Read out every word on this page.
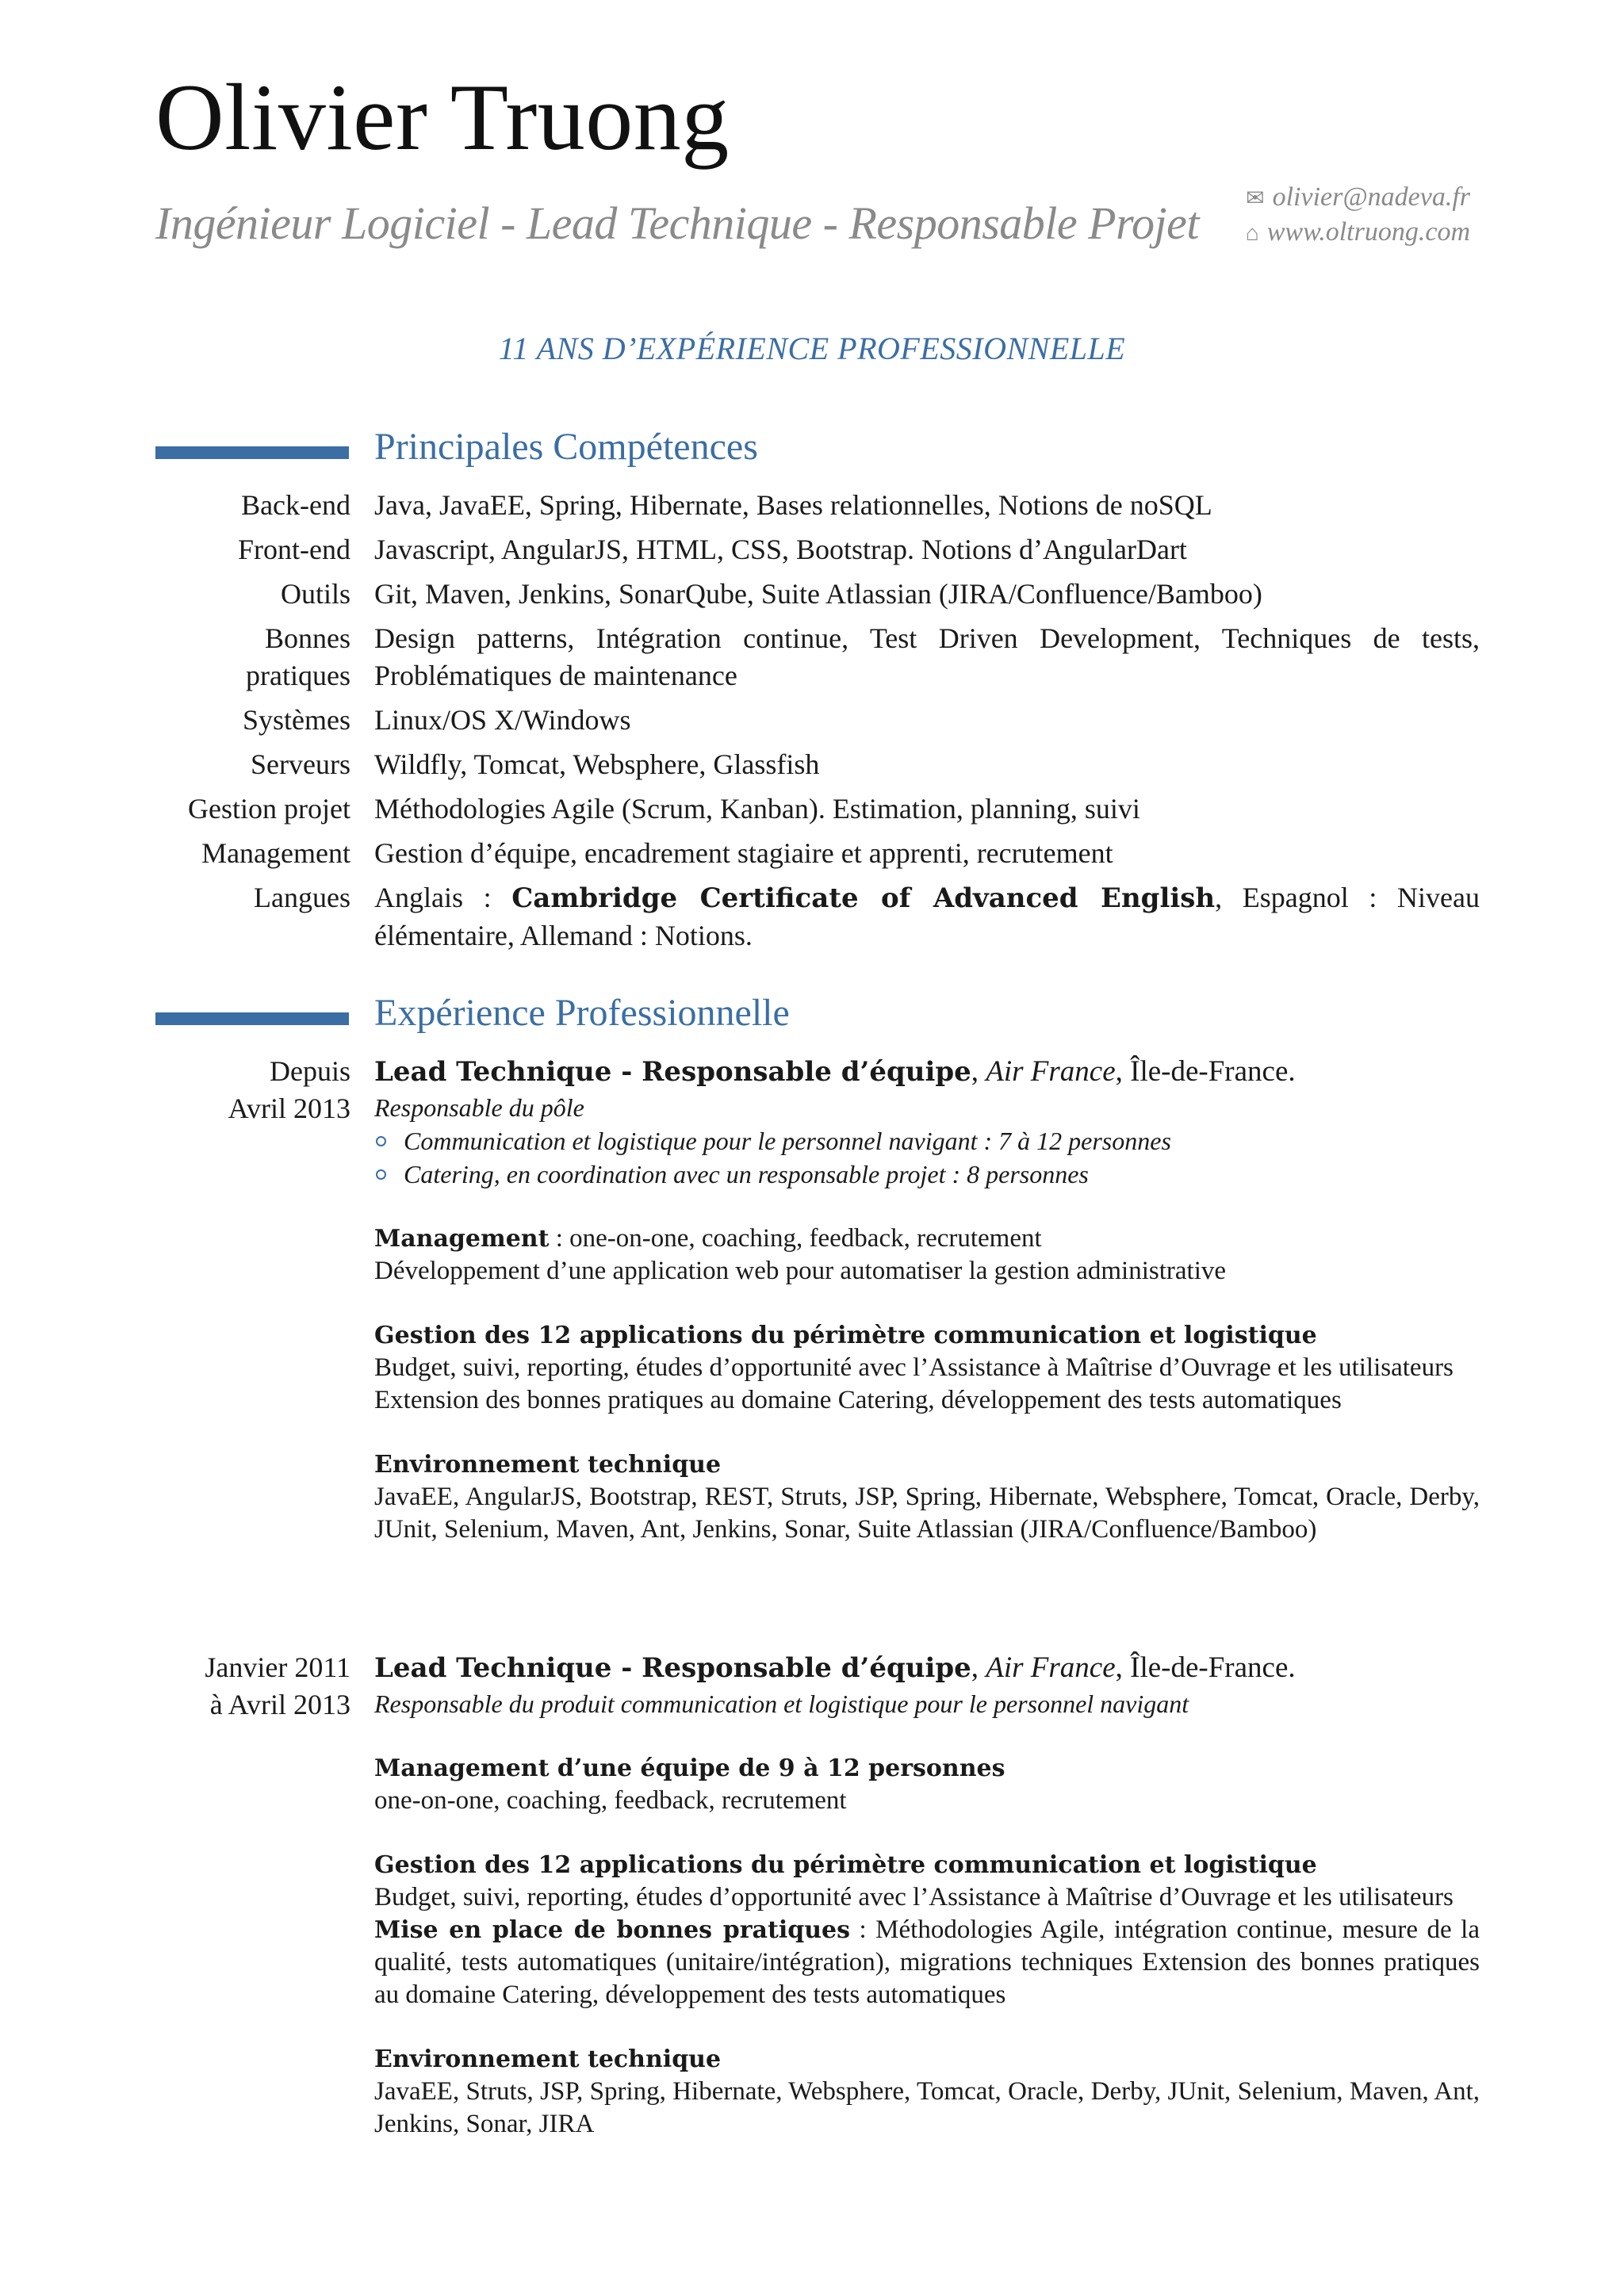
Olivier Truong
Ingénieur Logiciel - Lead Technique - Responsable Projet ✉ olivier@nadeva.fr
⌂ www.oltruong.com
11 ANS D’EXPÉRIENCE PROFESSIONNELLE
Principales Compétences
Back-end Java, JavaEE, Spring, Hibernate, Bases relationnelles, Notions de noSQL
Front-end Javascript, AngularJS, HTML, CSS, Bootstrap. Notions d’AngularDart
Outils Git, Maven, Jenkins, SonarQube, Suite Atlassian (JIRA/Confluence/Bamboo)
Bonnes pratiques
Design patterns, Intégration continue, Test Driven Development, Techniques de tests, Problématiques de maintenance
Systèmes Linux/OS X/Windows
Serveurs Wildfly, Tomcat, Websphere, Glassfish
Gestion projet Méthodologies Agile (Scrum, Kanban). Estimation, planning, suivi
Management Gestion d’équipe, encadrement stagiaire et apprenti, recrutement
Langues Anglais : Cambridge Certificate of Advanced English, Espagnol : Niveau élémentaire, Allemand : Notions.
Expérience Professionnelle
Depuis
Avril 2013
Lead Technique - Responsable d’équipe, Air France, Île-de-France.
Responsable du pôle
Communication et logistique pour le personnel navigant : 7 à 12 personnes
Catering, en coordination avec un responsable projet : 8 personnes
Management : one-on-one, coaching, feedback, recrutement
Développement d’une application web pour automatiser la gestion administrative
Gestion des 12 applications du périmètre communication et logistique
Budget, suivi, reporting, études d’opportunité avec l’Assistance à Maîtrise d’Ouvrage et les utilisateurs
Extension des bonnes pratiques au domaine Catering, développement des tests automatiques
Environnement technique
JavaEE, AngularJS, Bootstrap, REST, Struts, JSP, Spring, Hibernate, Websphere, Tomcat, Oracle, Derby, JUnit, Selenium, Maven, Ant, Jenkins, Sonar, Suite Atlassian (JIRA/Confluence/Bamboo)
Janvier 2011
à Avril 2013
Lead Technique - Responsable d’équipe, Air France, Île-de-France.
Responsable du produit communication et logistique pour le personnel navigant
Management d’une équipe de 9 à 12 personnes
one-on-one, coaching, feedback, recrutement
Gestion des 12 applications du périmètre communication et logistique
Budget, suivi, reporting, études d’opportunité avec l’Assistance à Maîtrise d’Ouvrage et les utilisateurs
Mise en place de bonnes pratiques : Méthodologies Agile, intégration continue, mesure de la qualité, tests automatiques (unitaire/intégration), migrations techniques Extension des bonnes pratiques au domaine Catering, développement des tests automatiques
Environnement technique
JavaEE, Struts, JSP, Spring, Hibernate, Websphere, Tomcat, Oracle, Derby, JUnit, Selenium, Maven, Ant, Jenkins, Sonar, JIRA
